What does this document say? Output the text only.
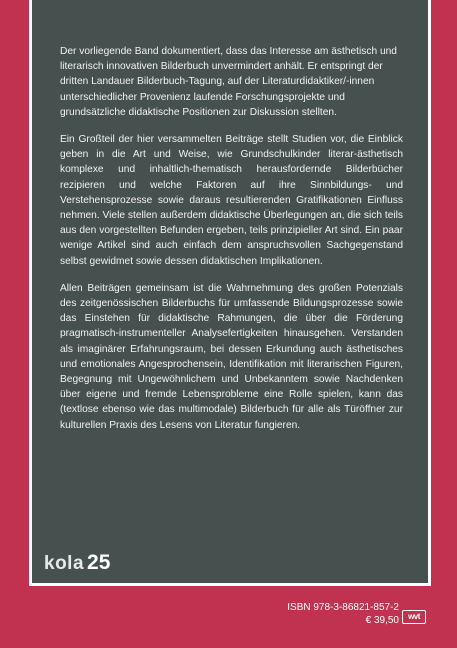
Der vorliegende Band dokumentiert, dass das Interesse am ästhetisch und literarisch innovativen Bilderbuch unvermindert anhält. Er entspringt der dritten Landauer Bilderbuch-Tagung, auf der Literaturdidaktiker/-innen unterschiedlicher Provenienz laufende Forschungsprojekte und grundsätzliche didaktische Positionen zur Diskussion stellten.

Ein Großteil der hier versammelten Beiträge stellt Studien vor, die Einblick geben in die Art und Weise, wie Grundschulkinder literar-ästhetisch komplexe und inhaltlich-thematisch herausfordernde Bilderbücher rezipieren und welche Faktoren auf ihre Sinnbildungs- und Verstehensprozesse sowie daraus resultierenden Gratifikationen Einfluss nehmen. Viele stellen außerdem didaktische Überlegungen an, die sich teils aus den vorgestellten Befunden ergeben, teils prinzipieller Art sind. Ein paar wenige Artikel sind auch einfach dem anspruchsvollen Sachgegenstand selbst gewidmet sowie dessen didaktischen Implikationen.

Allen Beiträgen gemeinsam ist die Wahrnehmung des großen Potenzials des zeitgenössischen Bilderbuchs für umfassende Bildungsprozesse sowie das Einstehen für didaktische Rahmungen, die über die Förderung pragmatisch-instrumenteller Analysefertigkeiten hinausgehen. Verstanden als imaginärer Erfahrungsraum, bei dessen Erkundung auch ästhetisches und emotionales Angesprochensein, Identifikation mit literarischen Figuren, Begegnung mit Ungewöhnlichem und Unbekanntem sowie Nachdenken über eigene und fremde Lebensprobleme eine Rolle spielen, kann das (textlose ebenso wie das multimodale) Bilderbuch für alle als Türöffner zur kulturellen Praxis des Lesens von Literatur fungieren.

kola 25
ISBN 978-3-86821-857-2
€ 39,50	wvt
